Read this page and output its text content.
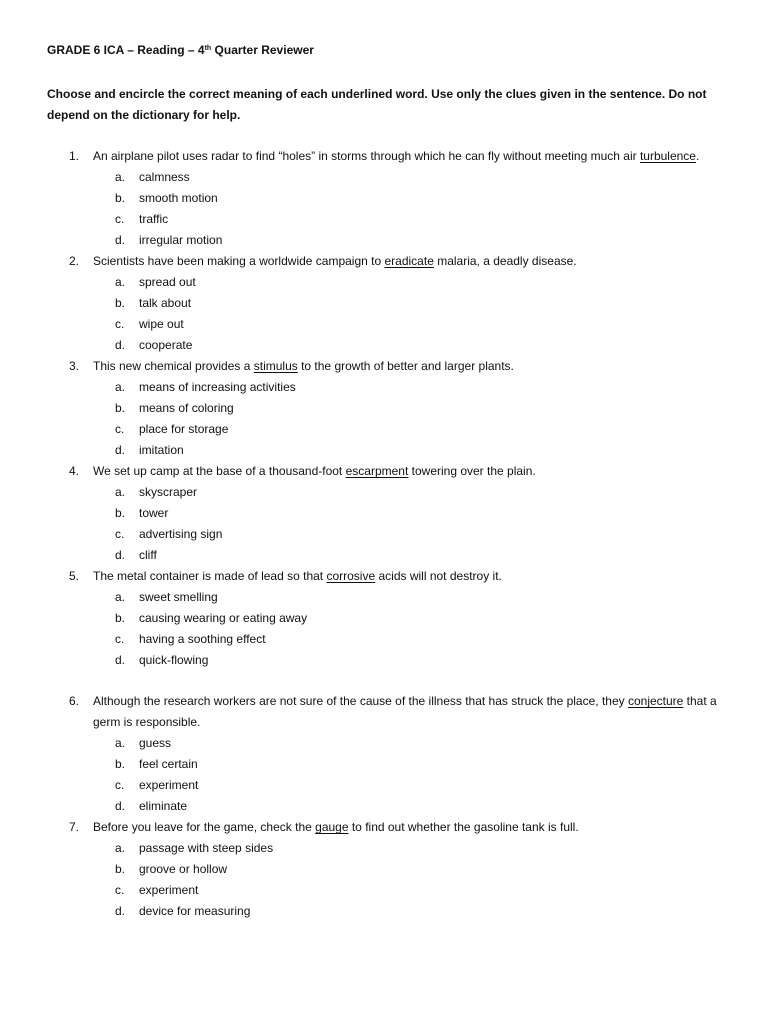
GRADE 6 ICA – Reading – 4th Quarter Reviewer

Choose and encircle the correct meaning of each underlined word. Use only the clues given in the sentence. Do not depend on the dictionary for help.
1. An airplane pilot uses radar to find “holes” in storms through which he can fly without meeting much air turbulence.
a. calmness
b. smooth motion
c. traffic
d. irregular motion
2. Scientists have been making a worldwide campaign to eradicate malaria, a deadly disease.
a. spread out
b. talk about
c. wipe out
d. cooperate
3. This new chemical provides a stimulus to the growth of better and larger plants.
a. means of increasing activities
b. means of coloring
c. place for storage
d. imitation
4. We set up camp at the base of a thousand-foot escarpment towering over the plain.
a. skyscraper
b. tower
c. advertising sign
d. cliff
5. The metal container is made of lead so that corrosive acids will not destroy it.
a. sweet smelling
b. causing wearing or eating away
c. having a soothing effect
d. quick-flowing
6. Although the research workers are not sure of the cause of the illness that has struck the place, they conjecture that a germ is responsible.
a. guess
b. feel certain
c. experiment
d. eliminate
7. Before you leave for the game, check the gauge to find out whether the gasoline tank is full.
a. passage with steep sides
b. groove or hollow
c. experiment
d. device for measuring
